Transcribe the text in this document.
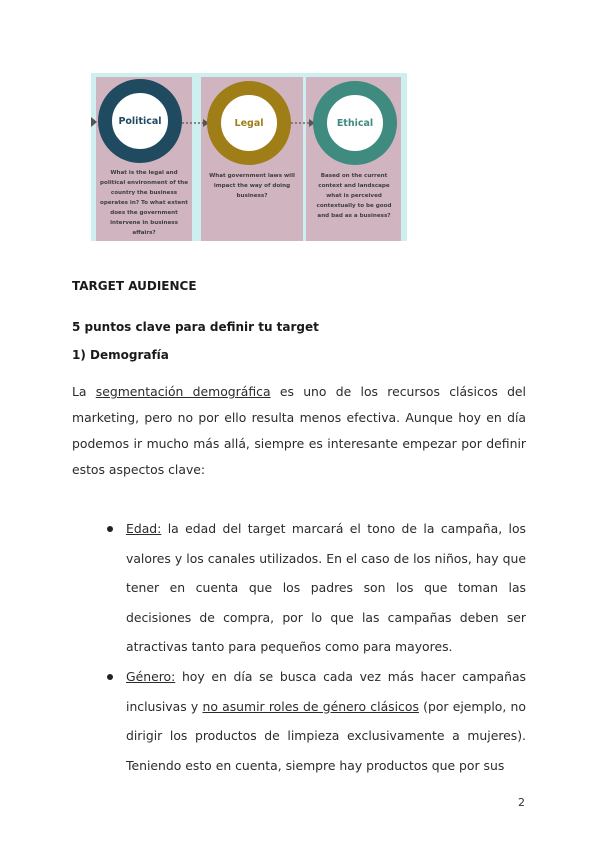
Political	Legal	Ethical
What is the legal and political environment of the country the business operates in? To what extent does the government intervene in business affairs?
What government laws will impact the way of doing business?
Based on the current context and landscape what is perceived contextually to be good and bad as a business?
TARGET AUDIENCE
5 puntos clave para definir tu target
1) Demografía
La segmentación demográfica es uno de los recursos clásicos del marketing, pero no por ello resulta menos efectiva. Aunque hoy en día podemos ir mucho más allá, siempre es interesante empezar por definir estos aspectos clave:
Edad: la edad del target marcará el tono de la campaña, los valores y los canales utilizados. En el caso de los niños, hay que tener en cuenta que los padres son los que toman las decisiones de compra, por lo que las campañas deben ser atractivas tanto para pequeños como para mayores.
Género: hoy en día se busca cada vez más hacer campañas inclusivas y no asumir roles de género clásicos (por ejemplo, no dirigir los productos de limpieza exclusivamente a mujeres). Teniendo esto en cuenta, siempre hay productos que por sus
2
